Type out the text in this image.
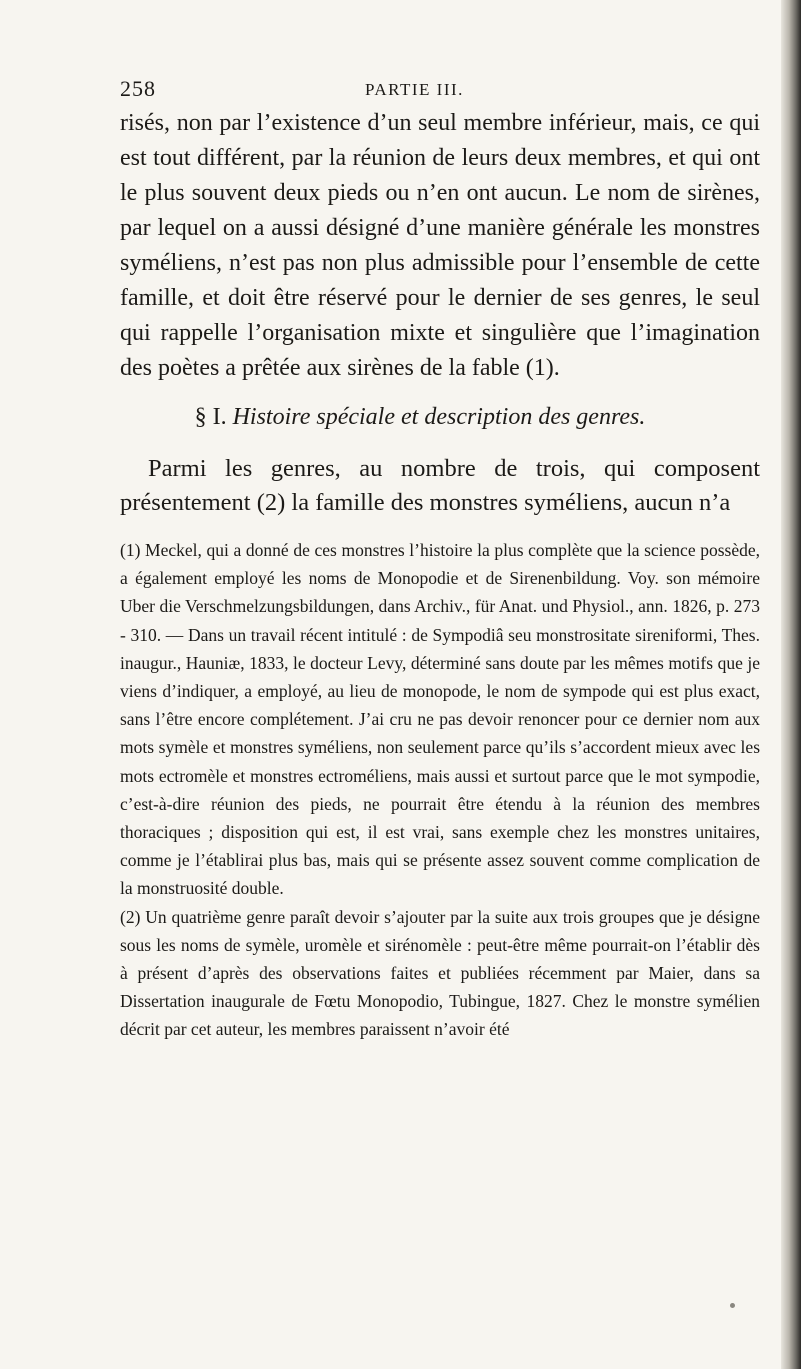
258	PARTIE III.

risés, non par l’existence d’un seul membre inférieur, mais, ce qui est tout différent, par la réunion de leurs deux membres, et qui ont le plus souvent deux pieds ou n’en ont aucun. Le nom de sirènes, par lequel on a aussi désigné d’une manière générale les monstres syméliens, n’est pas non plus admissible pour l’ensemble de cette famille, et doit être réservé pour le dernier de ses genres, le seul qui rappelle l’organisation mixte et singulière que l’imagination des poètes a prêtée aux sirènes de la fable (1).

§ I. Histoire spéciale et description des genres.

Parmi les genres, au nombre de trois, qui composent présentement (2) la famille des monstres syméliens, aucun n’a

(1) Meckel, qui a donné de ces monstres l’histoire la plus complète que la science possède, a également employé les noms de Monopodie et de Sirenenbildung. Voy. son mémoire Uber die Verschmelzungsbildungen, dans Archiv., für Anat. und Physiol., ann. 1826, p. 273 - 310. — Dans un travail récent intitulé : de Sympodiâ seu monstrositate sireniformi, Thes. inaugur., Hauniæ, 1833, le docteur Levy, déterminé sans doute par les mêmes motifs que je viens d’indiquer, a employé, au lieu de monopode, le nom de sympode qui est plus exact, sans l’être encore complétement. J’ai cru ne pas devoir renoncer pour ce dernier nom aux mots symèle et monstres syméliens, non seulement parce qu’ils s’accordent mieux avec les mots ectromèle et monstres ectroméliens, mais aussi et surtout parce que le mot sympodie, c’est-à-dire réunion des pieds, ne pourrait être étendu à la réunion des membres thoraciques ; disposition qui est, il est vrai, sans exemple chez les monstres unitaires, comme je l’établirai plus bas, mais qui se présente assez souvent comme complication de la monstruosité double.

(2) Un quatrième genre paraît devoir s’ajouter par la suite aux trois groupes que je désigne sous les noms de symèle, uromèle et sirénomèle : peut-être même pourrait-on l’établir dès à présent d’après des observations faites et publiées récemment par Maier, dans sa Dissertation inaugurale de Fœtu Monopodio, Tubingue, 1827. Chez le monstre symélien décrit par cet auteur, les membres paraissent n’avoir été
